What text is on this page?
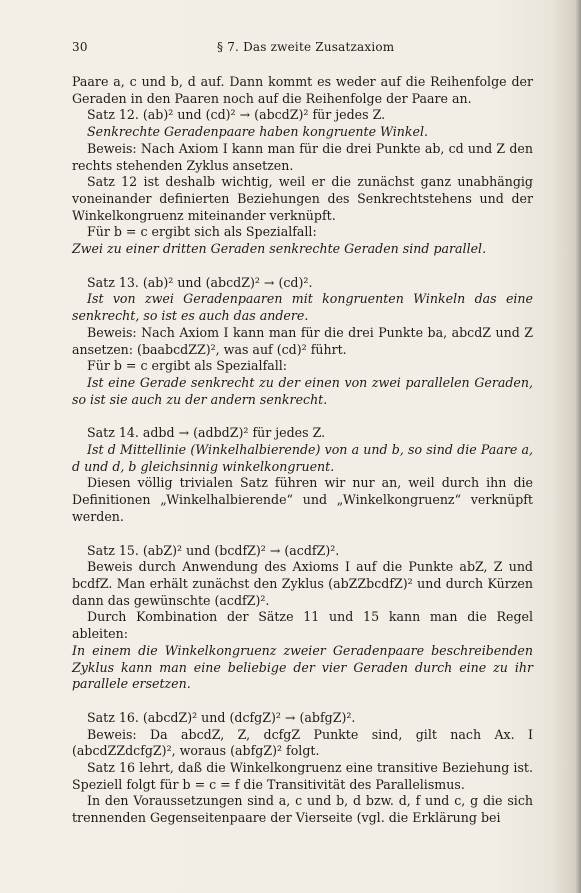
30	§ 7. Das zweite Zusatzaxiom

Paare a, c und b, d auf. Dann kommt es weder auf die Reihenfolge der Geraden in den Paaren noch auf die Reihenfolge der Paare an.

Satz 12. (ab)² und (cd)² → (abcdZ)² für jedes Z.

Senkrechte Geradenpaare haben kongruente Winkel.

Beweis: Nach Axiom I kann man für die drei Punkte ab, cd und Z den rechts stehenden Zyklus ansetzen.

Satz 12 ist deshalb wichtig, weil er die zunächst ganz unabhängig voneinander definierten Beziehungen des Senkrechtstehens und der Winkelkongruenz miteinander verknüpft.

Für b = c ergibt sich als Spezialfall:

Zwei zu einer dritten Geraden senkrechte Geraden sind parallel.

Satz 13. (ab)² und (abcdZ)² → (cd)².

Ist von zwei Geradenpaaren mit kongruenten Winkeln das eine senkrecht, so ist es auch das andere.

Beweis: Nach Axiom I kann man für die drei Punkte ba, abcdZ und Z ansetzen: (baabcdZZ)², was auf (cd)² führt.

Für b = c ergibt als Spezialfall:

Ist eine Gerade senkrecht zu der einen von zwei parallelen Geraden, so ist sie auch zu der andern senkrecht.

Satz 14. adbd → (adbdZ)² für jedes Z.

Ist d Mittellinie (Winkelhalbierende) von a und b, so sind die Paare a, d und d, b gleichsinnig winkelkongruent.

Diesen völlig trivialen Satz führen wir nur an, weil durch ihn die Definitionen „Winkelhalbierende“ und „Winkelkongruenz“ verknüpft werden.

Satz 15. (abZ)² und (bcdfZ)² → (acdfZ)².

Beweis durch Anwendung des Axioms I auf die Punkte abZ, Z und bcdfZ. Man erhält zunächst den Zyklus (abZZbcdfZ)² und durch Kürzen dann das gewünschte (acdfZ)².

Durch Kombination der Sätze 11 und 15 kann man die Regel ableiten:

In einem die Winkelkongruenz zweier Geradenpaare beschreibenden Zyklus kann man eine beliebige der vier Geraden durch eine zu ihr parallele ersetzen.

Satz 16. (abcdZ)² und (dcfgZ)² → (abfgZ)².

Beweis: Da abcdZ, Z, dcfgZ Punkte sind, gilt nach Ax. I (abcdZZdcfgZ)², woraus (abfgZ)² folgt.

Satz 16 lehrt, daß die Winkelkongruenz eine transitive Beziehung ist. Speziell folgt für b = c = f die Transitivität des Parallelismus.

In den Voraussetzungen sind a, c und b, d bzw. d, f und c, g die sich trennenden Gegenseitenpaare der Vierseite (vgl. die Erklärung bei
